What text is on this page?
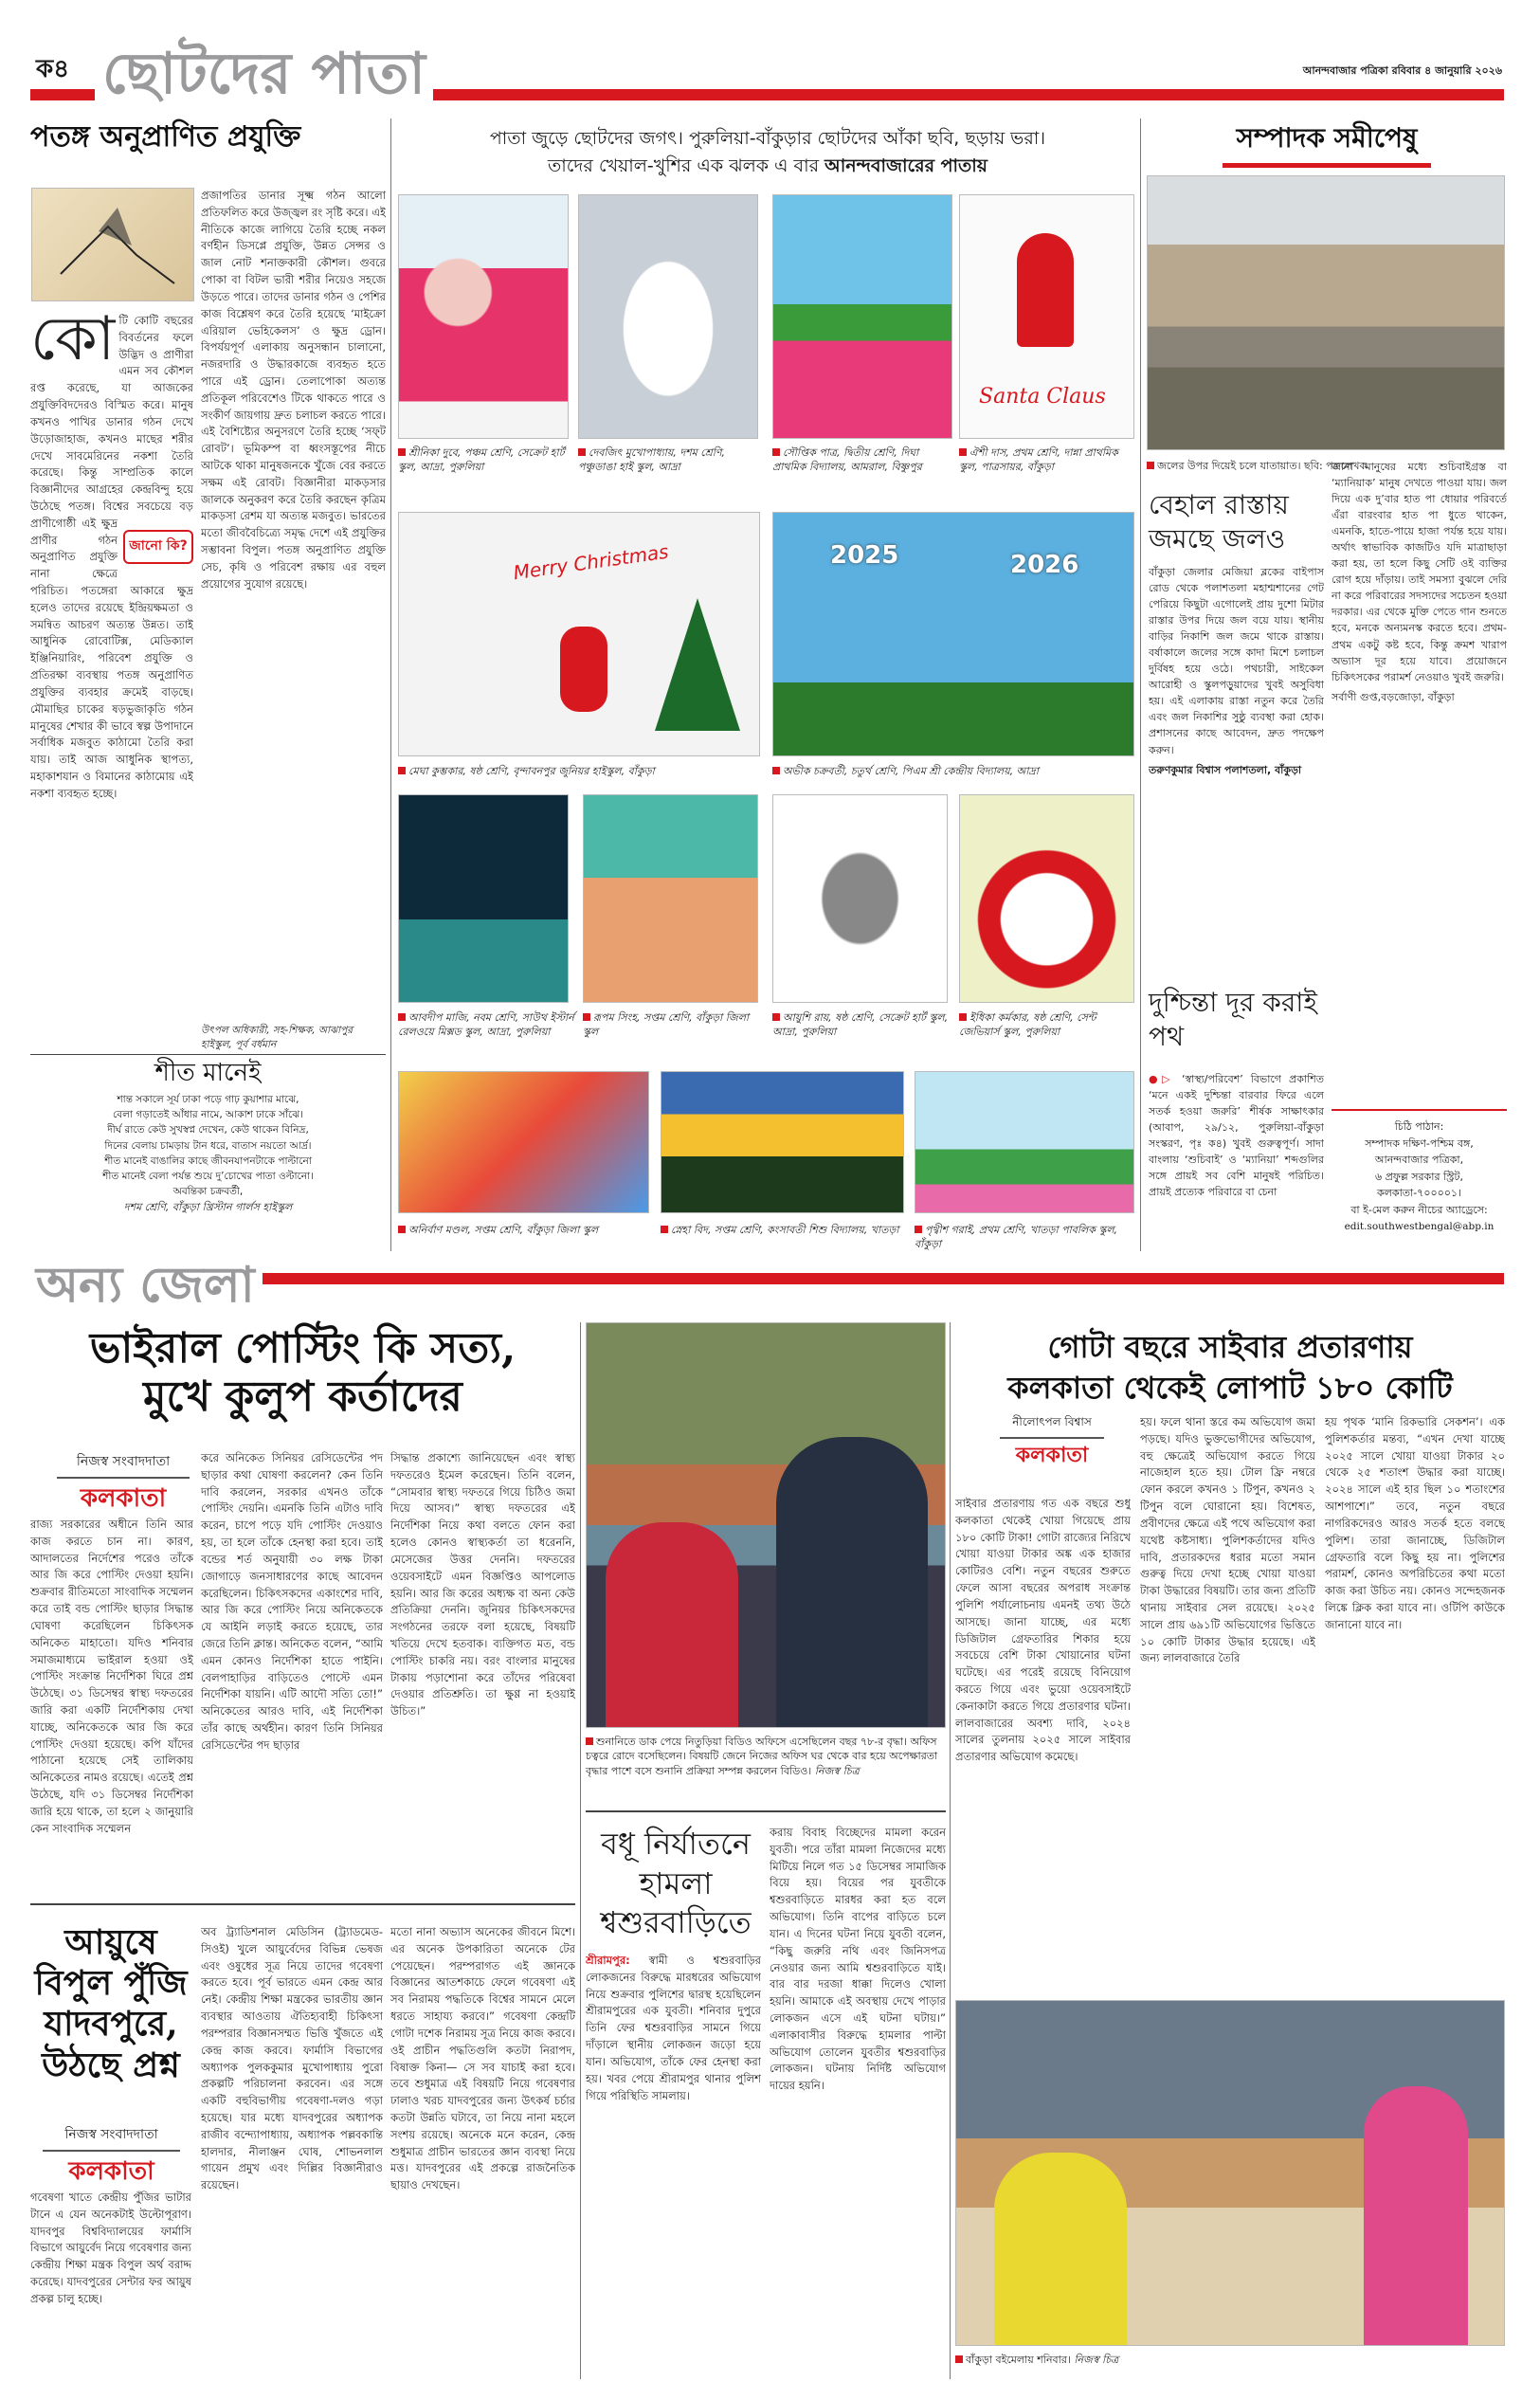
ক৪ ছোটদের পাতা	আনন্দবাজার পত্রিকা রবিবার ৪ জানুয়ারি ২০২৬
পতঙ্গ অনুপ্রাণিত প্রযুক্তি
কো
জানো কি?
টি কোটি বছরের বিবর্তনের ফলে উদ্ভিদ ও প্রাণীরা এমন সব কৌশল রপ্ত করেছে, যা আজকের প্রযুক্তিবিদদেরও বিস্মিত করে। মানুষ কখনও পাখির ডানার গঠন দেখে উড়োজাহাজ, কখনও মাছের শরীর দেখে সাবমেরিনের নকশা তৈরি করেছে। কিন্তু সাম্প্রতিক কালে বিজ্ঞানীদের আগ্রহের কেন্দ্রবিন্দু হয়ে উঠেছে পতঙ্গ। বিশ্বের সবচেয়ে বড় প্রাণীগোষ্ঠী এই ক্ষুদ্র প্রাণীর গঠন অনুপ্রাণিত প্রযুক্তি নানা ক্ষেত্রে পরিচিত। পতঙ্গেরা আকারে ক্ষুদ্র হলেও তাদের রয়েছে ইন্দ্রিয়ক্ষমতা ও সমন্বিত আচরণ অত্যন্ত উন্নত। তাই আধুনিক রোবোটিক্স, মেডিক্যাল ইঞ্জিনিয়ারিং, পরিবেশ প্রযুক্তি ও প্রতিরক্ষা ব্যবস্থায় পতঙ্গ অনুপ্রাণিত প্রযুক্তির ব্যবহার ক্রমেই বাড়ছে। মৌমাছির চাকের ষড়ভুজাকৃতি গঠন মানুষের শেখার কী ভাবে স্বল্প উপাদানে সর্বাধিক মজবুত কাঠামো তৈরি করা যায়। তাই আজ আধুনিক স্থাপত্য, মহাকাশযান ও বিমানের কাঠামোয় এই নকশা ব্যবহৃত হচ্ছে।
প্রজাপতির ডানার সূক্ষ্ম গঠন আলো প্রতিফলিত করে উজ্জ্বল রং সৃষ্টি করে। এই নীতিকে কাজে লাগিয়ে তৈরি হচ্ছে নকল বর্ণহীন ডিসপ্লে প্রযুক্তি, উন্নত সেন্সর ও জাল নোট শনাক্তকারী কৌশল। গুবরে পোকা বা বিটল ভারী শরীর নিয়েও সহজে উড়তে পারে। তাদের ডানার গঠন ও পেশির কাজ বিশ্লেষণ করে তৈরি হয়েছে ‘মাইক্রো এরিয়াল ভেহিকেলস’ ও ক্ষুদ্র ড্রোন। বিপর্যয়পূর্ণ এলাকায় অনুসন্ধান চালানো, নজরদারি ও উদ্ধারকাজে ব্যবহৃত হতে পারে এই ড্রোন। তেলাপোকা অত্যন্ত প্রতিকূল পরিবেশেও টিকে থাকতে পারে ও সংকীর্ণ জায়গায় দ্রুত চলাচল করতে পারে। এই বৈশিষ্ট্যের অনুসরণে তৈরি হচ্ছে ‘সফ্‌ট রোবট’। ভূমিকম্প বা ধ্বংসস্তূপের নীচে আটকে থাকা মানুষজনকে খুঁজে বের করতে সক্ষম এই রোবট। বিজ্ঞানীরা মাকড়সার জালকে অনুকরণ করে তৈরি করছেন কৃত্রিম মাকড়সা রেশম যা অত্যন্ত মজবুত। ভারতের মতো জীববৈচিত্র্যে সমৃদ্ধ দেশে এই প্রযুক্তির সম্ভাবনা বিপুল। পতঙ্গ অনুপ্রাণিত প্রযুক্তি সেচ, কৃষি ও পরিবেশ রক্ষায় এর বহুল প্রয়োগের সুযোগ রয়েছে।
উৎপল অধিকারী, সহ-শিক্ষক, আঝাপুর হাইস্কুল, পূর্ব বর্ধমান
শীত মানেই
শান্ত সকালে সূর্য ঢাকা পড়ে গাঢ় কুয়াশার মাঝে,
বেলা গড়াতেই আঁধার নামে, আকাশ ঢাকে সাঁঝে।
দীর্ঘ রাতে কেউ সুখস্বপ্ন দেখেন, কেউ থাকেন বিনিদ্র,
দিনের বেলায় চামড়ায় টান ধরে, বাতাস নয়তো আর্দ্র।
শীত মানেই বাঙালির কাছে জীবনযাপনটাকে পাল্টানো
শীত মানেই বেলা পর্যন্ত শুয়ে দু’চোখের পাতা ওল্টানো।
অবন্তিকা চক্রবর্তী,
দশম শ্রেণি, বাঁকুড়া খ্রিস্টান গার্লস হাইস্কুল
পাতা জুড়ে ছোটদের জগৎ। পুরুলিয়া-বাঁকুড়ার ছোটদের আঁকা ছবি, ছড়ায় ভরা।
তাদের খেয়াল-খুশির এক ঝলক এ বার আনন্দবাজারের পাতায়
Santa Claus
শ্রীনিকা দুবে, পঞ্চম শ্রেণি, সেক্রেট হার্ট স্কুল, আদ্রা, পুরুলিয়া
দেবজিৎ মুখোপাধ্যায়, দশম শ্রেণি, পঞ্চুডাঙা হাই স্কুল, আদ্রা
সৌপ্তিক পাত্র, দ্বিতীয় শ্রেণি, দিঘা প্রাথমিক বিদ্যালয়, আমরাল, বিষ্ণুপুর
ঐশী দাস, প্রথম শ্রেণি, দান্না প্রাথমিক স্কুল, পাত্রসায়র, বাঁকুড়া
Merry Christmas	2025	2026
মেঘা কুম্ভকার, ষষ্ঠ শ্রেণি, বৃন্দাবনপুর জুনিয়র হাইস্কুল, বাঁকুড়া	অভীক চক্রবর্তী, চতুর্থ শ্রেণি, পিএম শ্রী কেন্দ্রীয় বিদ্যালয়, আদ্রা
আবদীপ মাজি, নবম শ্রেণি, সাউথ ইস্টার্ন রেলওয়ে মিক্সড স্কুল, আদ্রা, পুরুলিয়া
রূপম সিংহ, সপ্তম শ্রেণি, বাঁকুড়া জিলা স্কুল
আয়ুশি রায়, ষষ্ঠ শ্রেণি, সেক্রেট হার্ট স্কুল, আদ্রা, পুরুলিয়া
ইধিকা কর্মকার, ষষ্ঠ শ্রেণি, সেন্ট জেভিয়ার্স স্কুল, পুরুলিয়া
অনির্বাণ মণ্ডল, সপ্তম শ্রেণি, বাঁকুড়া জিলা স্কুল	স্নেহা বিদ, সপ্তম শ্রেণি, কংসাবতী শিশু বিদ্যালয়, খাতড়া	পৃথ্বীশ গরাই, প্রথম শ্রেণি, খাতড়া পাবলিক স্কুল, বাঁকুড়া
সম্পাদক সমীপেষু
জলের উপর দিয়েই চলে যাতায়াত। ছবি: পত্রলেখক
বেহাল রাস্তায় জমছে জলও
বাঁকুড়া জেলার মেজিয়া ব্লকের বাইপাস রোড থেকে পলাশতলা মহাশ্মশানের গেট পেরিয়ে কিছুটা এগোলেই প্রায় দুশো মিটার রাস্তার উপর দিয়ে জল বয়ে যায়। স্থানীয় বাড়ির নিকাশি জল জমে থাকে রাস্তায়। বর্ষাকালে জলের সঙ্গে কাদা মিশে চলাচল দুর্বিষহ হয়ে ওঠে। পথচারী, সাইকেল আরোহী ও স্কুলপড়ুয়াদের খুবই অসুবিধা হয়। এই এলাকায় রাস্তা নতুন করে তৈরি এবং জল নিকাশির সুষ্ঠু ব্যবস্থা করা হোক। প্রশাসনের কাছে আবেদন, দ্রুত পদক্ষেপ করুন।
তরুণকুমার বিশ্বাস পলাশতলা, বাঁকুড়া
দুশ্চিন্তা দূর করাই পথ
●▷ ‘স্বাস্থ্য/পরিবেশ’ বিভাগে প্রকাশিত ‘মনে একই দুশ্চিন্তা বারবার ফিরে এলে সতর্ক হওয়া জরুরি’ শীর্ষক সাক্ষাৎকার (আবাপ, ২৯/১২, পুরুলিয়া-বাঁকুড়া সংস্করণ, পৃঃ ক৪) খুবই গুরুত্বপূর্ণ। সাদা বাংলায় ‘শুচিবাই’ ও ‘ম্যানিয়া’ শব্দগুলির সঙ্গে প্রায়ই সব বেশি মানুষই পরিচিত। প্রায়ই প্রত্যেক পরিবারে বা চেনা
জানা মানুষের মধ্যে শুচিবাইগ্রস্ত বা ‘ম্যানিয়াক’ মানুষ দেখতে পাওয়া যায়। জল দিয়ে এক দু’বার হাত পা ধোয়ার পরিবর্তে এঁরা বারংবার হাত পা ধুতে থাকেন, এমনকি, হাতে-পায়ে হাজা পর্যন্ত হয়ে যায়। অর্থাৎ স্বাভাবিক কাজটিও যদি মাত্রাছাড়া করা হয়, তা হলে কিছু সেটি ওই ব্যক্তির রোগ হয়ে দাঁড়ায়। তাই সমস্যা বুঝলে দেরি না করে পরিবারের সদস্যদের সচেতন হওয়া দরকার। এর থেকে মুক্তি পেতে গান শুনতে হবে, মনকে অন্যমনস্ক করতে হবে। প্রথম-প্রথম একটু কষ্ট হবে, কিন্তু ক্রমশ খারাপ অভ্যাস দূর হয়ে যাবে। প্রয়োজনে চিকিৎসকের পরামর্শ নেওয়াও খুবই জরুরি।
সর্বাণী গুপ্ত,বড়জোড়া, বাঁকুড়া
চিঠি পাঠান:
সম্পাদক দক্ষিণ-পশ্চিম বঙ্গ,
আনন্দবাজার পত্রিকা,
৬ প্রফুল্ল সরকার স্ট্রিট,
কলকাতা-৭০০০০১।
বা ই-মেল করুন নীচের অ্যাড্রেসে:
edit.southwestbengal@abp.in
অন্য জেলা
ভাইরাল পোস্টিং কি সত্য,
মুখে কুলুপ কর্তাদের
নিজস্ব সংবাদদাতা
কলকাতা
রাজ্য সরকারের অধীনে তিনি আর কাজ করতে চান না। কারণ, আদালতের নির্দেশের পরেও তাঁকে আর জি করে পোস্টিং দেওয়া হয়নি। শুক্রবার রীতিমতো সাংবাদিক সম্মেলন করে তাই বন্ড পোস্টিং ছাড়ার সিদ্ধান্ত ঘোষণা করেছিলেন চিকিৎসক অনিকেত মাহাতো। যদিও শনিবার সমাজমাধ্যমে ভাইরাল হওয়া ওই পোস্টিং সংক্রান্ত নির্দেশিকা ঘিরে প্রশ্ন উঠেছে। ৩১ ডিসেম্বর স্বাস্থ্য দফতরের জারি করা একটি নির্দেশিকায় দেখা যাচ্ছে, অনিকেতকে আর জি করে পোস্টিং দেওয়া হয়েছে। কপি যাঁদের পাঠানো হয়েছে সেই তালিকায় অনিকেতের নামও রয়েছে। এতেই প্রশ্ন উঠেছে, যদি ৩১ ডিসেম্বর নির্দেশিকা জারি হয়ে থাকে, তা হলে ২ জানুয়ারি কেন সাংবাদিক সম্মেলন
করে অনিকেত সিনিয়র রেসিডেন্টের পদ ছাড়ার কথা ঘোষণা করলেন? কেন তিনি দাবি করলেন, সরকার এখনও তাঁকে পোস্টিং দেয়নি। এমনকি তিনি এটাও দাবি করেন, চাপে পড়ে যদি পোস্টিং দেওয়াও হয়, তা হলে তাঁকে হেনস্থা করা হবে। তাই বন্ডের শর্ত অনুযায়ী ৩০ লক্ষ টাকা জোগাড়ে জনসাধারণের কাছে আবেদন করেছিলেন। চিকিৎসকদের একাংশের দাবি, আর জি করে পোস্টিং নিয়ে অনিকেতকে যে আইনি লড়াই করতে হয়েছে, তার জেরে তিনি ক্লান্ত। অনিকেত বলেন, “আমি এমন কোনও নির্দেশিকা হাতে পাইনি। বেলপাহাড়ির বাড়িতেও পোস্টে এমন নির্দেশিকা যায়নি। এটি আদৌ সত্যি তো!” অনিকেতের আরও দাবি, এই নির্দেশিকা তাঁর কাছে অর্থহীন। কারণ তিনি সিনিয়র রেসিডেন্টের পদ ছাড়ার
সিদ্ধান্ত প্রকাশ্যে জানিয়েছেন এবং স্বাস্থ্য দফতরেও ইমেল করেছেন। তিনি বলেন, “সোমবার স্বাস্থ্য দফতরে গিয়ে চিঠিও জমা দিয়ে আসব।” স্বাস্থ্য দফতরের এই নির্দেশিকা নিয়ে কথা বলতে ফোন করা হলেও কোনও স্বাস্থ্যকর্তা তা ধরেননি, মেসেজের উত্তর দেননি। দফতরের ওয়েবসাইটে এমন বিজ্ঞপ্তিও আপলোড হয়নি। আর জি করের অধ্যক্ষ বা অন্য কেউ প্রতিক্রিয়া দেননি। জুনিয়র চিকিৎসকদের সংগঠনের তরফে বলা হয়েছে, বিষয়টি খতিয়ে দেখে হতবাক। ব্যক্তিগত মত, বন্ড পোস্টিং চাকরি নয়। বরং বাংলার মানুষের টাকায় পড়াশোনা করে তাঁদের পরিষেবা দেওয়ার প্রতিশ্রুতি। তা ক্ষুণ্ণ না হওয়াই উচিত।”
আয়ুষে
বিপুল পুঁজি
যাদবপুরে,
উঠছে প্রশ্ন
নিজস্ব সংবাদদাতা
কলকাতা
গবেষণা খাতে কেন্দ্রীয় পুঁজির ভাটার টানে এ যেন অনেকটাই উল্টোপূরাণ। যাদবপুর বিশ্ববিদ্যালয়ের ফার্মাসি বিভাগে আয়ুর্বেদ নিয়ে গবেষণার জন্য কেন্দ্রীয় শিক্ষা মন্ত্রক বিপুল অর্থ বরাদ্দ করেছে। যাদবপুরের সেন্টার ফর আয়ুষ প্রকল্প চালু হচ্ছে।
অব ট্র্যাডিশনাল মেডিসিন (ট্র্যাডমেড-সিওই) খুলে আয়ুর্বেদের বিভিন্ন ভেষজ এবং ওষুধের সূত্র নিয়ে তাদের গবেষণা করতে হবে। পূর্ব ভারতে এমন কেন্দ্র আর নেই। কেন্দ্রীয় শিক্ষা মন্ত্রকের ভারতীয় জ্ঞান ব্যবস্থার আওতায় ঐতিহ্যবাহী চিকিৎসা পরম্পরার বিজ্ঞানসম্মত ভিত্তি খুঁজতে এই কেন্দ্র কাজ করবে। ফার্মাসি বিভাগের অধ্যাপক পুলককুমার মুখোপাধ্যায় পুরো প্রকল্পটি পরিচালনা করবেন। এর সঙ্গে একটি বহুবিভাগীয় গবেষণা-দলও গড়া হয়েছে। যার মধ্যে যাদবপুরের অধ্যাপক রাজীব বন্দ্যোপাধ্যায়, অধ্যাপক পল্লবকান্তি হালদার, নীলাঞ্জন ঘোষ, শোভনলাল গায়েন প্রমুখ এবং দিল্লির বিজ্ঞানীরাও রয়েছেন।
মতো নানা অভ্যাস অনেকের জীবনে মিশে। এর অনেক উপকারিতা অনেকে টের পেয়েছেন। পরম্পরাগত এই জ্ঞানকে বিজ্ঞানের আতশকাচে ফেলে গবেষণা এই সব নিরাময় পদ্ধতিকে বিশ্বের সামনে মেলে ধরতে সাহায্য করবে।” গবেষণা কেন্দ্রটি গোটা দশেক নিরাময় সূত্র নিয়ে কাজ করবে। ওই প্রাচীন পদ্ধতিগুলি কতটা নিরাপদ, বিষাক্ত কিনা— সে সব যাচাই করা হবে। তবে শুধুমাত্র এই বিষয়টি নিয়ে গবেষণার ঢালাও খরচ যাদবপুরের জন্য উৎকর্ষ চর্চার কতটা উন্নতি ঘটাবে, তা নিয়ে নানা মহলে সংশয় রয়েছে। অনেকে মনে করেন, কেন্দ্র শুধুমাত্র প্রাচীন ভারতের জ্ঞান ব্যবস্থা নিয়ে মত্ত। যাদবপুরের এই প্রকল্পে রাজনৈতিক ছায়াও দেখছেন।
শুনানিতে ডাক পেয়ে নিতুড়িয়া বিডিও অফিসে এসেছিলেন বছর ৭৮-র বৃদ্ধা। অফিস চত্বরে রোদে বসেছিলেন। বিষয়টি জেনে নিজের অফিস ঘর থেকে বার হয়ে অপেক্ষারতা বৃদ্ধার পাশে বসে শুনানি প্রক্রিয়া সম্পন্ন করলেন বিডিও। নিজস্ব চিত্র
বধূ নির্যাতনে
হামলা
শ্বশুরবাড়িতে
শ্রীরামপুর: স্বামী ও শ্বশুরবাড়ির লোকজনের বিরুদ্ধে মারধরের অভিযোগ নিয়ে শুক্রবার পুলিশের দ্বারস্থ হয়েছিলেন শ্রীরামপুরের এক যুবতী। শনিবার দুপুরে তিনি ফের শ্বশুরবাড়ির সামনে গিয়ে দাঁড়ালে স্থানীয় লোকজন জড়ো হয়ে যান। অভিযোগ, তাঁকে ফের হেনস্থা করা হয়। খবর পেয়ে শ্রীরামপুর থানার পুলিশ গিয়ে পরিস্থিতি সামলায়।
করায় বিবাহ বিচ্ছেদের মামলা করেন যুবতী। পরে তাঁরা মামলা নিজেদের মধ্যে মিটিয়ে নিলে গত ১৫ ডিসেম্বর সামাজিক বিয়ে হয়। বিয়ের পর যুবতীকে শ্বশুরবাড়িতে মারধর করা হত বলে অভিযোগ। তিনি বাপের বাড়িতে চলে যান। এ দিনের ঘটনা নিয়ে যুবতী বলেন, “কিছু জরুরি নথি এবং জিনিসপত্র নেওয়ার জন্য আমি শ্বশুরবাড়িতে যাই। বার বার দরজা ধাক্কা দিলেও খোলা হয়নি। আমাকে এই অবস্থায় দেখে পাড়ার লোকজন এসে এই ঘটনা ঘটায়।” এলাকাবাসীর বিরুদ্ধে হামলার পাল্টা অভিযোগ তোলেন যুবতীর শ্বশুরবাড়ির লোকজন। ঘটনায় নির্দিষ্ট অভিযোগ দায়ের হয়নি।
গোটা বছরে সাইবার প্রতারণায়
কলকাতা থেকেই লোপাট ১৮০ কোটি
নীলোৎপল বিশ্বাস
কলকাতা
সাইবার প্রতারণায় গত এক বছরে শুধু কলকাতা থেকেই খোয়া গিয়েছে প্রায় ১৮০ কোটি টাকা! গোটা রাজ্যের নিরিখে খোয়া যাওয়া টাকার অঙ্ক এক হাজার কোটিরও বেশি। নতুন বছরের শুরুতে ফেলে আসা বছরের অপরাধ সংক্রান্ত পুলিশি পর্যালোচনায় এমনই তথ্য উঠে আসছে। জানা যাচ্ছে, এর মধ্যে ডিজিটাল গ্রেফতারির শিকার হয়ে সবচেয়ে বেশি টাকা খোয়ানোর ঘটনা ঘটেছে। এর পরেই রয়েছে বিনিয়োগ করতে গিয়ে এবং ভুয়ো ওয়েবসাইটে কেনাকাটা করতে গিয়ে প্রতারণার ঘটনা। লালবাজারের অবশ্য দাবি, ২০২৪ সালের তুলনায় ২০২৫ সালে সাইবার প্রতারণার অভিযোগ কমেছে।
হয়। ফলে থানা স্তরে কম অভিযোগ জমা পড়ছে। যদিও ভুক্তভোগীদের অভিযোগ, বহু ক্ষেত্রেই অভিযোগ করতে গিয়ে নাজেহাল হতে হয়। টোল ফ্রি নম্বরে ফোন করলে কখনও ১ টিপুন, কখনও ২ টিপুন বলে ঘোরানো হয়। বিশেষত, প্রবীণদের ক্ষেত্রে এই পথে অভিযোগ করা যথেষ্ট কষ্টসাধ্য। পুলিশকর্তাদের যদিও দাবি, প্রতারকদের ধরার মতো সমান গুরুত্ব দিয়ে দেখা হচ্ছে খোয়া যাওয়া টাকা উদ্ধারের বিষয়টি। তার জন্য প্রতিটি থানায় সাইবার সেল রয়েছে। ২০২৫ সালে প্রায় ৬৯১টি অভিযোগের ভিত্তিতে ১০ কোটি টাকার উদ্ধার হয়েছে। এই জন্য লালবাজারে তৈরি
হয় পৃথক ‘মানি রিকভারি সেকশন’। এক পুলিশকর্তার মন্তব্য, “এখন দেখা যাচ্ছে ২০২৫ সালে খোয়া যাওয়া টাকার ২০ থেকে ২৫ শতাংশ উদ্ধার করা যাচ্ছে। ২০২৪ সালে এই হার ছিল ১০ শতাংশের আশপাশে।” তবে, নতুন বছরে নাগরিকদেরও আরও সতর্ক হতে বলছে পুলিশ। তারা জানাচ্ছে, ডিজিটাল গ্রেফতারি বলে কিছু হয় না। পুলিশের পরামর্শ, কোনও অপরিচিতের কথা মতো কাজ করা উচিত নয়। কোনও সন্দেহজনক লিঙ্কে ক্লিক করা যাবে না। ওটিপি কাউকে জানানো যাবে না।
বাঁকুড়া বইমেলায় শনিবার। নিজস্ব চিত্র
